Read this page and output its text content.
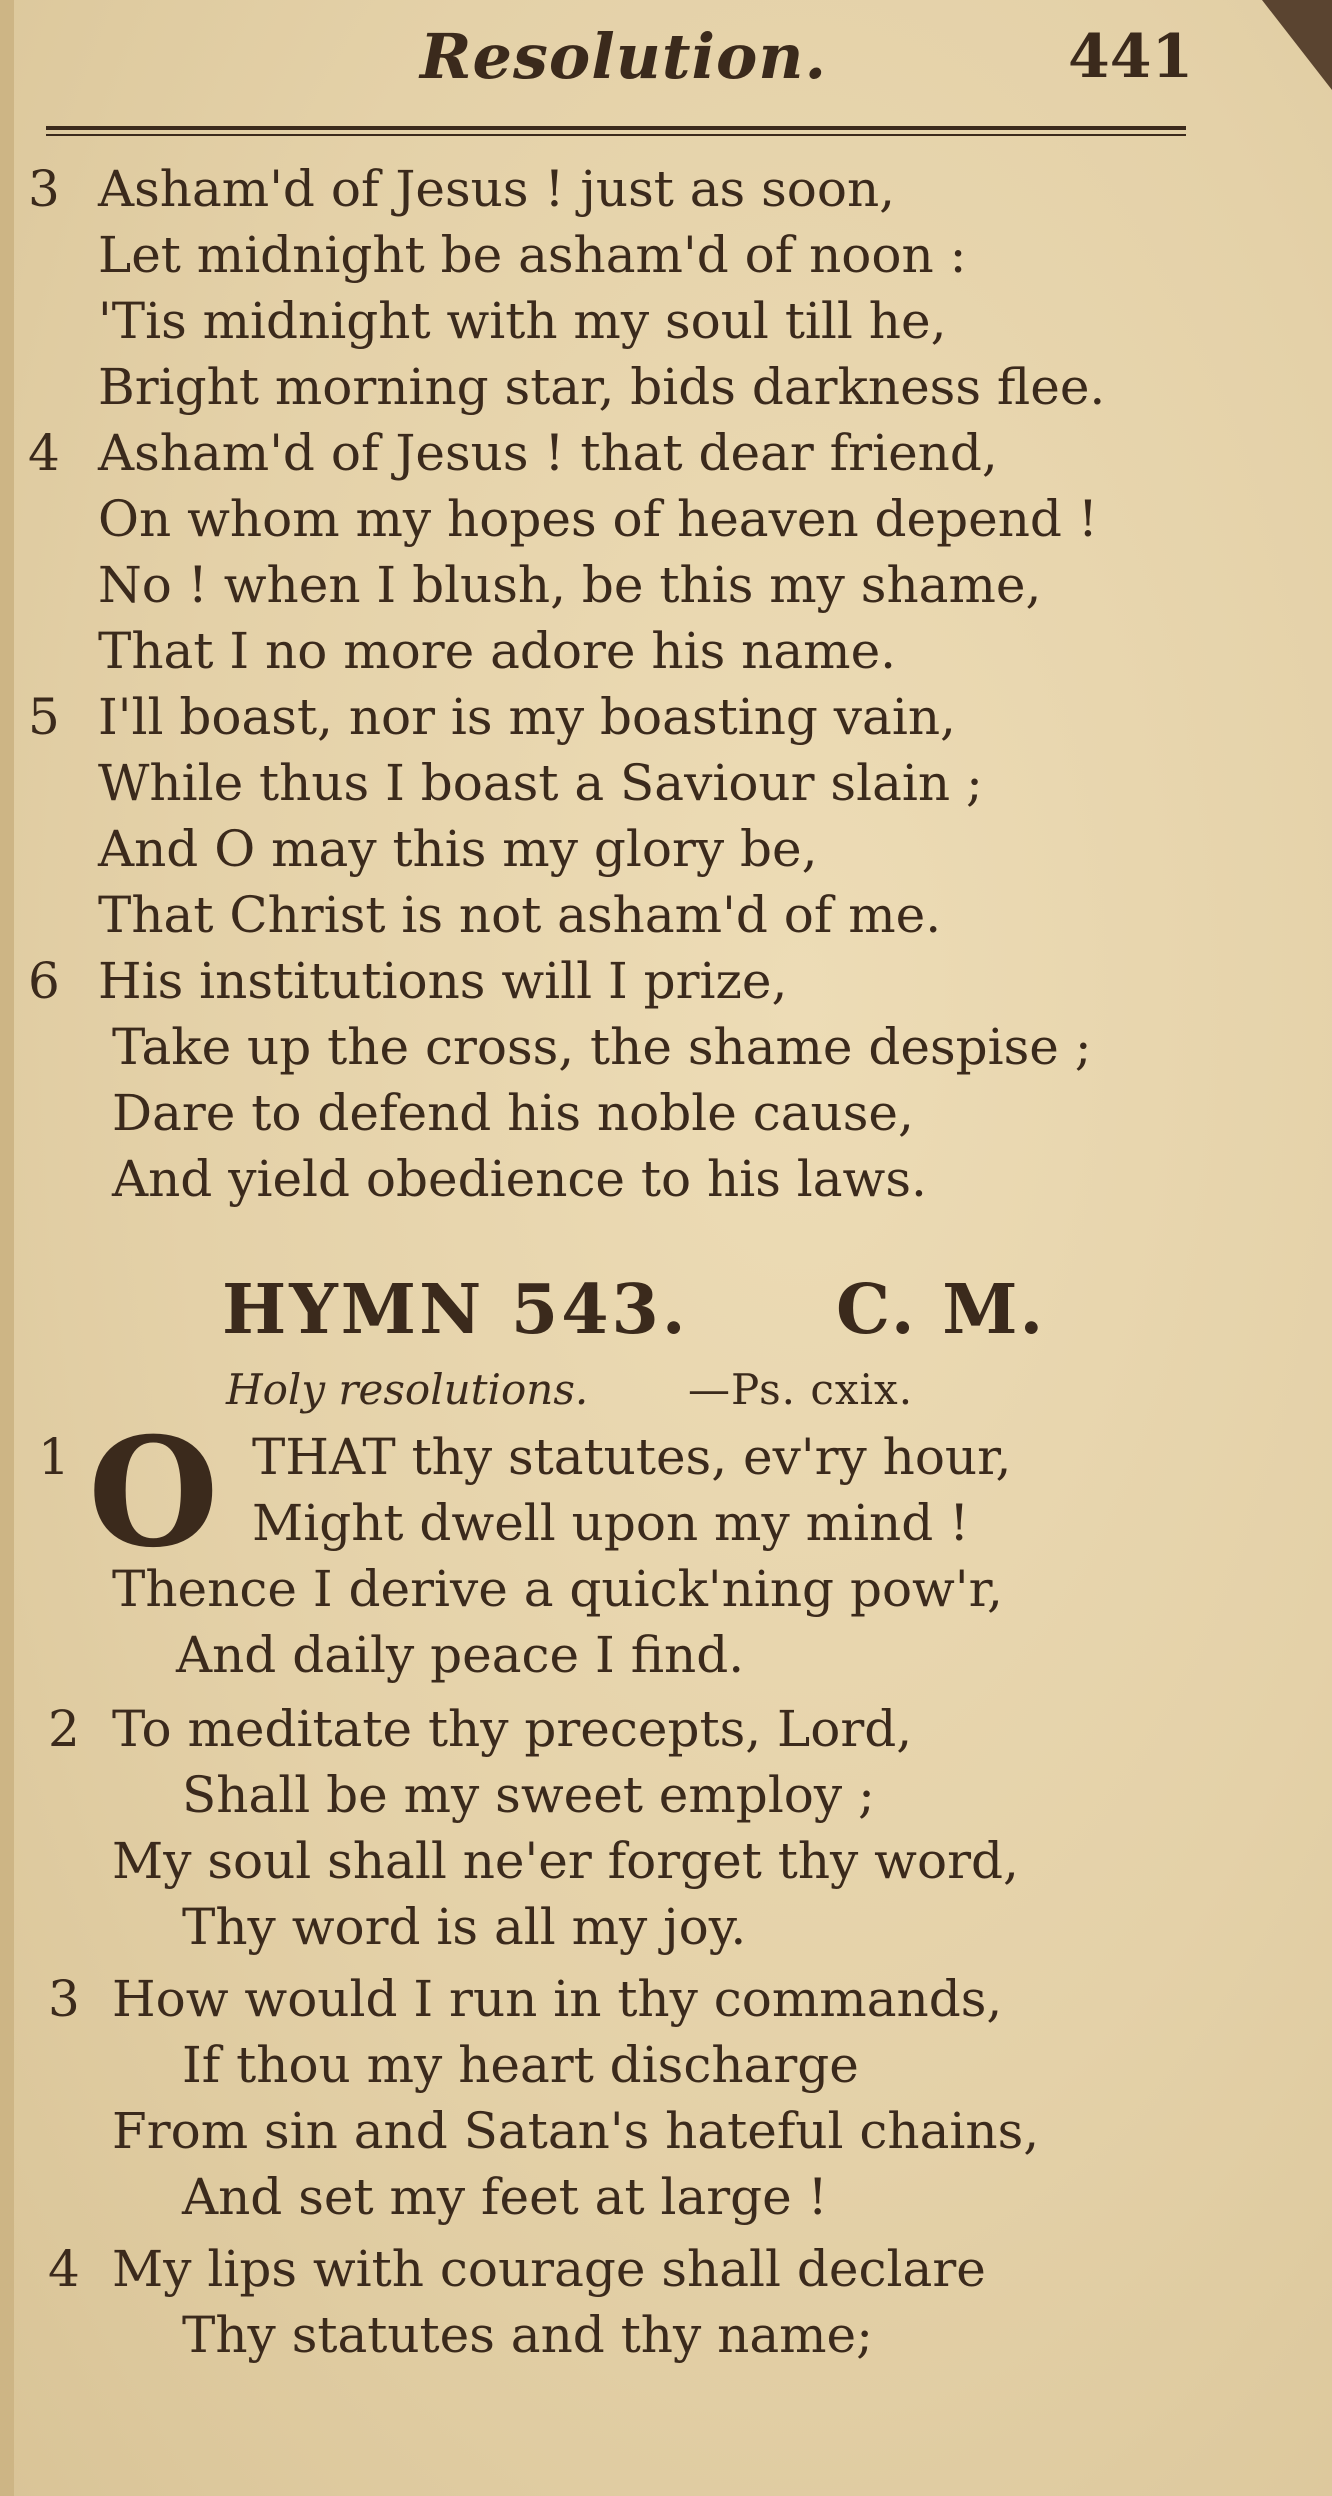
Resolution.	441
3 Asham'd of Jesus ! just as soon,
Let midnight be asham'd of noon :
'Tis midnight with my soul till he,
Bright morning star, bids darkness flee.
4 Asham'd of Jesus ! that dear friend,
On whom my hopes of heaven depend !
No ! when I blush, be this my shame,
That I no more adore his name.
5 I'll boast, nor is my boasting vain,
While thus I boast a Saviour slain ;
And O may this my glory be,
That Christ is not asham'd of me.
6 His institutions will I prize,
Take up the cross, the shame despise ;
Dare to defend his noble cause,
And yield obedience to his laws.
HYMN 543. C. M.
Holy resolutions. —Ps. cxix.
1 O THAT thy statutes, ev'ry hour,
Might dwell upon my mind !
Thence I derive a quick'ning pow'r,
And daily peace I find.
2 To meditate thy precepts, Lord,
Shall be my sweet employ ;
My soul shall ne'er forget thy word,
Thy word is all my joy.
3 How would I run in thy commands,
If thou my heart discharge
From sin and Satan's hateful chains,
And set my feet at large !
4 My lips with courage shall declare
Thy statutes and thy name;
